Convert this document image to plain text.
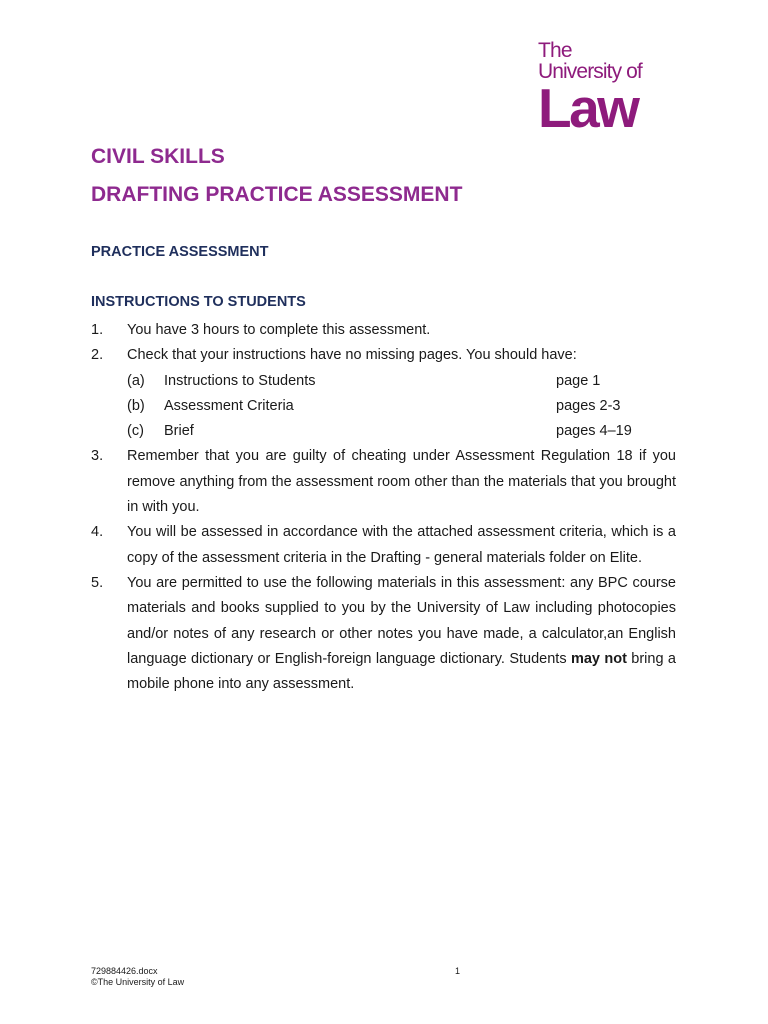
The
University of
Law
CIVIL SKILLS
DRAFTING PRACTICE ASSESSMENT
PRACTICE ASSESSMENT
INSTRUCTIONS TO STUDENTS
1.	You have 3 hours to complete this assessment.
2.	Check that your instructions have no missing pages. You should have:
(a)	Instructions to Students	page 1
(b)	Assessment Criteria	pages 2-3
(c)	Brief	pages 4–19
3.	Remember that you are guilty of cheating under Assessment Regulation 18 if you remove anything from the assessment room other than the materials that you brought in with you.
4.	You will be assessed in accordance with the attached assessment criteria, which is a copy of the assessment criteria in the Drafting - general materials folder on Elite.
5.	You are permitted to use the following materials in this assessment: any BPC course materials and books supplied to you by the University of Law including photocopies and/or notes of any research or other notes you have made, a calculator,an English language dictionary or English-foreign language dictionary. Students may not bring a mobile phone into any assessment.
729884426.docx
©The University of Law
1
